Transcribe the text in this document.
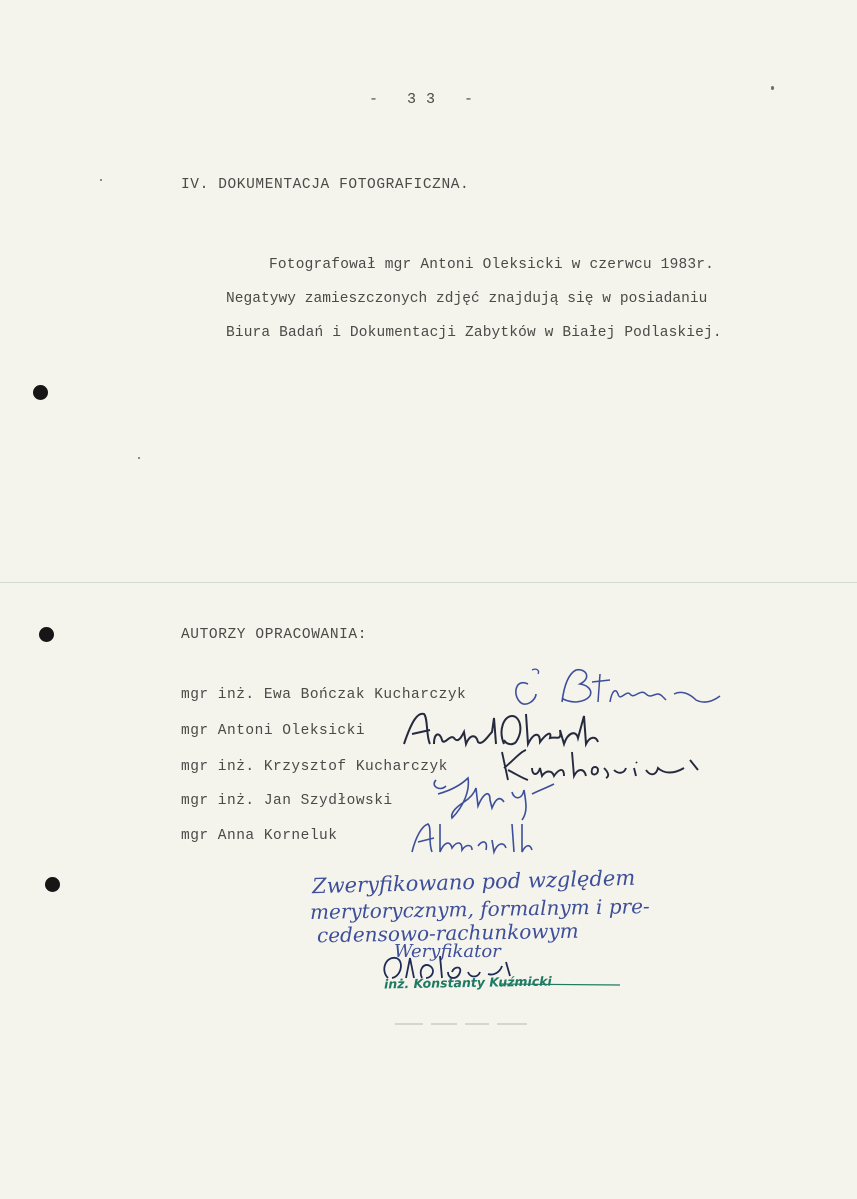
- 33 -
IV. DOKUMENTACJA FOTOGRAFICZNA.
Fotografował mgr Antoni Oleksicki w czerwcu 1983r.
Negatywy zamieszczonych zdjęć znajdują się w posiadaniu
Biura Badań i Dokumentacji Zabytków w Białej Podlaskiej.
AUTORZY OPRACOWANIA:
mgr inż. Ewa Bończak Kucharczyk
mgr Antoni Oleksicki
mgr inż. Krzysztof Kucharczyk
mgr inż. Jan Szydłowski
mgr Anna Korneluk
Zweryfikowano pod względem
merytorycznym, formalnym i pre-
cedensowo-rachunkowym
Weryfikator
inż. Konstanty Kuźmicki
